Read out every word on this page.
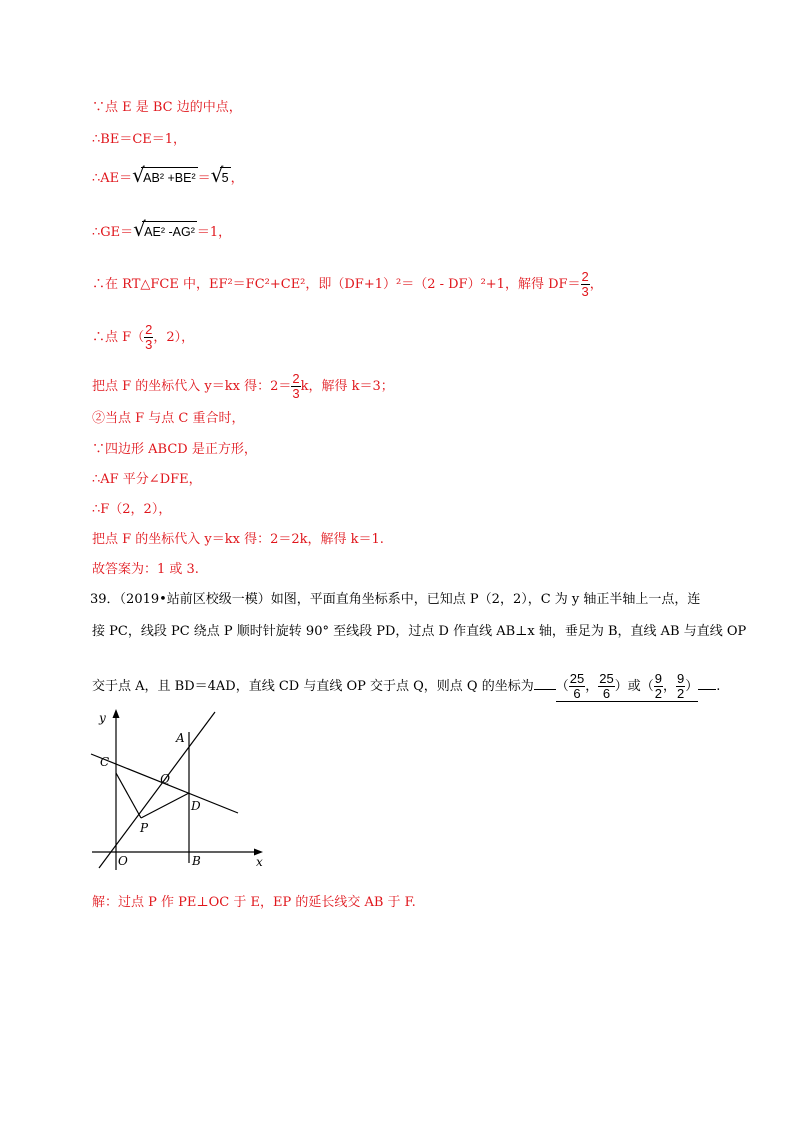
∵点 E 是 BC 边的中点，
∴BE＝CE＝1，
∴AE＝ √
AB² +BE² ＝ √
5 ，
∴GE＝ √
AE² -AG² ＝1，
∴在 RT△FCE 中，EF²＝FC²+CE²，即（DF+1）²＝（2 - DF）²+1，解得 $DF= \frac{2}{3}$ ，
∴点 $F( \frac{2}{3}$ ，2），
把点 F 的坐标代入 y＝kx 得：$2= \frac{2}{3}$ k，解得 k＝3；
②当点 F 与点 C 重合时，
∵四边形 ABCD 是正方形，
∴AF 平分∠DFE，
∴F（2，2），
把点 F 的坐标代入 y＝kx 得：2＝2k，解得 k＝1.
故答案为：1 或 3.
39．（2019•站前区校级一模）如图，平面直角坐标系中，已知点 P（2，2），C 为 y 轴正半轴上一点，连
接 PC，线段 PC 绕点 P 顺时针旋转 90° 至线段 PD，过点 D 作直线 AB⊥x 轴，垂足为 B，直线 AB 与直线 OP
交于点 A，且 BD＝4AD，直线 CD 与直线 OP 交于点 Q，则点 Q 的坐标为 （ $\frac{25}{6}$ ， $\frac{25}{6}$ ）或（ $\frac{9}{2}$ ， $\frac{9}{2}$ ） .
y
x
C
A
Q
D
P
O	B
解：过点 P 作 PE⊥OC 于 E，EP 的延长线交 AB 于 F.
